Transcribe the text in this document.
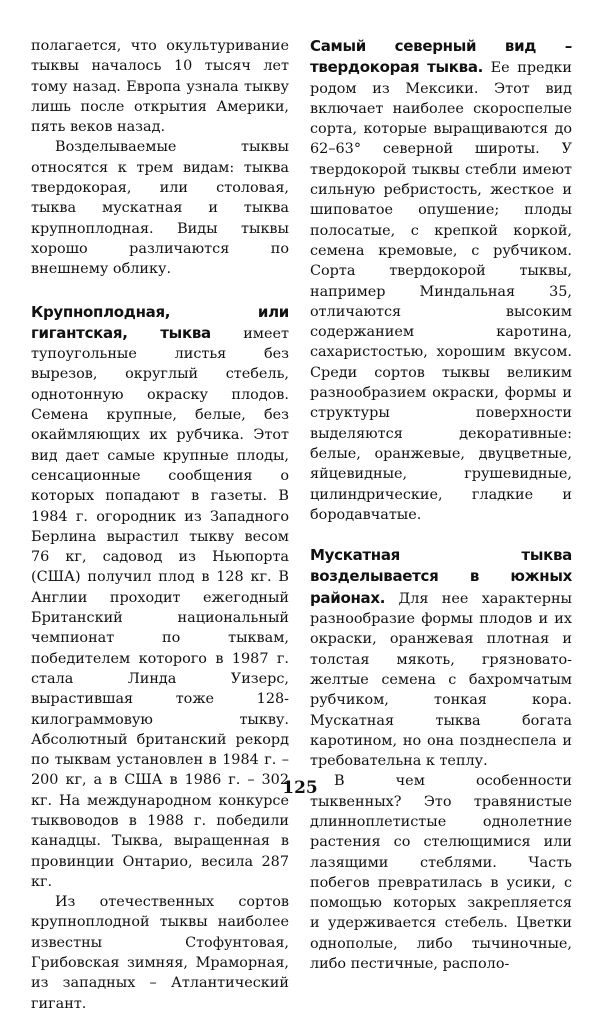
полагается, что окультуривание тыквы началось 10 тысяч лет тому назад. Европа узнала тыкву лишь после открытия Америки, пять веков назад.

Возделываемые тыквы относятся к трем видам: тыква твердокорая, или столовая, тыква мускатная и тыква крупноплодная. Виды тыквы хорошо различаются по внешнему облику.

Крупноплодная, или гигантская, тыква имеет тупоугольные листья без вырезов, округлый стебель, однотонную окраску плодов. Семена крупные, белые, без окаймляющих их рубчика. Этот вид дает самые крупные плоды, сенсационные сообщения о которых попадают в газеты. В 1984 г. огородник из Западного Берлина вырастил тыкву весом 76 кг, садовод из Ньюпорта (США) получил плод в 128 кг. В Англии проходит ежегодный Британский национальный чемпионат по тыквам, победителем которого в 1987 г. стала Линда Уизерс, вырастившая тоже 128-килограммовую тыкву. Абсолютный британский рекорд по тыквам установлен в 1984 г. – 200 кг, а в США в 1986 г. – 302 кг. На международном конкурсе тыквоводов в 1988 г. победили канадцы. Тыква, выращенная в провинции Онтарио, весила 287 кг.

Из отечественных сортов крупноплодной тыквы наиболее известны Стофунтовая, Грибовская зимняя, Мраморная, из западных – Атлантический гигант.

Самый северный вид – твердокорая тыква. Ее предки родом из Мексики. Этот вид включает наиболее скороспелые сорта, которые выращиваются до 62–63° северной широты. У твердокорой тыквы стебли имеют сильную ребристость, жесткое и шиповатое опушение; плоды полосатые, с крепкой коркой, семена кремовые, с рубчиком. Сорта твердокорой тыквы, например Миндальная 35, отличаются высоким содержанием каротина, сахаристостью, хорошим вкусом. Среди сортов тыквы великим разнообразием окраски, формы и структуры поверхности выделяются декоративные: белые, оранжевые, двуцветные, яйцевидные, грушевидные, цилиндрические, гладкие и бородавчатые.

Мускатная тыква возделывается в южных районах. Для нее характерны разнообразие формы плодов и их окраски, оранжевая плотная и толстая мякоть, грязновато-желтые семена с бахромчатым рубчиком, тонкая кора. Мускатная тыква богата каротином, но она позднеспела и требовательна к теплу.

В чем особенности тыквенных? Это травянистые длинноплетистые однолетние растения со стелющимися или лазящими стеблями. Часть побегов превратилась в усики, с помощью которых закрепляется и удерживается стебель. Цветки однополые, либо тычиночные, либо пестичные, располо-

125
